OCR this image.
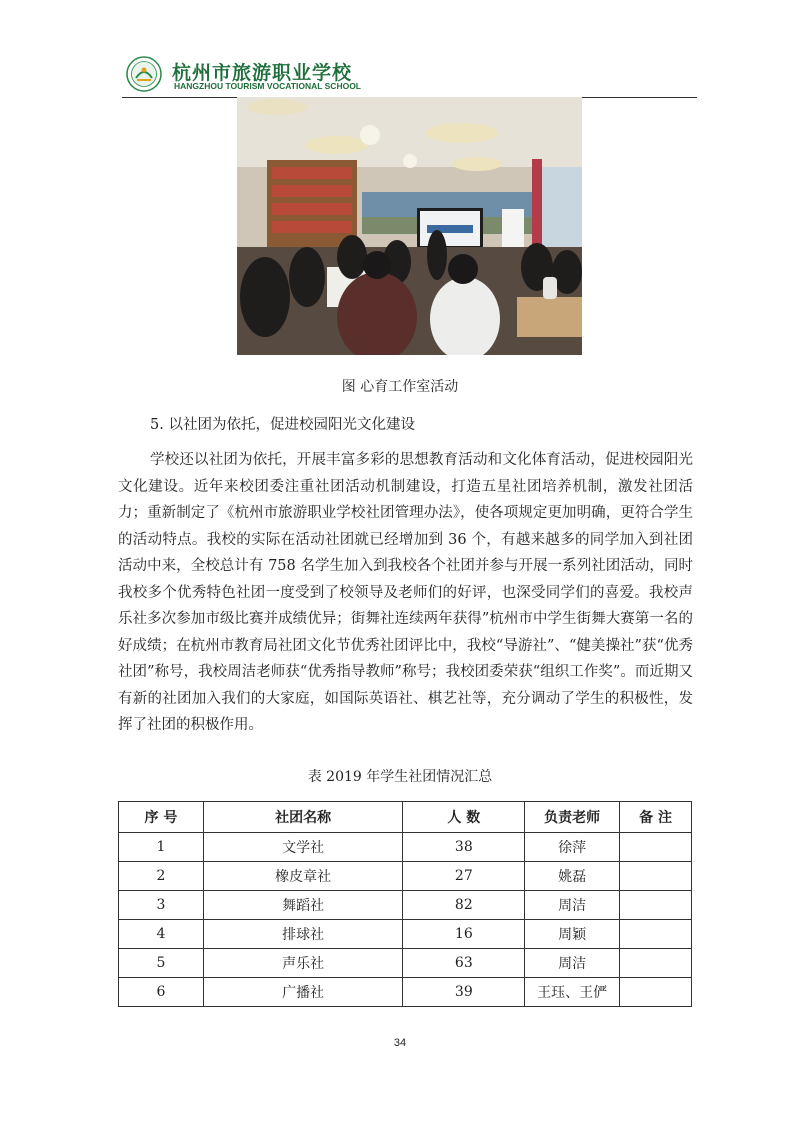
杭州市旅游职业学校
HANGZHOU TOURISM VOCATIONAL SCHOOL
图 心育工作室活动
5. 以社团为依托，促进校园阳光文化建设
学校还以社团为依托，开展丰富多彩的思想教育活动和文化体育活动，促进校园阳光文化建设。近年来校团委注重社团活动机制建设，打造五星社团培养机制，激发社团活力；重新制定了《杭州市旅游职业学校社团管理办法》，使各项规定更加明确，更符合学生的活动特点。我校的实际在活动社团就已经增加到 36 个，有越来越多的同学加入到社团活动中来，全校总计有 758 名学生加入到我校各个社团并参与开展一系列社团活动，同时我校多个优秀特色社团一度受到了校领导及老师们的好评，也深受同学们的喜爱。我校声乐社多次参加市级比赛并成绩优异；街舞社连续两年获得”杭州市中学生街舞大赛第一名的好成绩；在杭州市教育局社团文化节优秀社团评比中，我校“导游社”、“健美操社”获“优秀社团”称号，我校周洁老师获“优秀指导教师”称号；我校团委荣获“组织工作奖”。而近期又有新的社团加入我们的大家庭，如国际英语社、棋艺社等，充分调动了学生的积极性，发挥了社团的积极作用。
表 2019 年学生社团情况汇总
序 号	社团名称	人 数	负责老师	备 注
1	文学社	38	徐萍	
2	橡皮章社	27	姚磊	
3	舞蹈社	82	周洁	
4	排球社	16	周颖	
5	声乐社	63	周洁	
6	广播社	39	王珏、王俨	
34
